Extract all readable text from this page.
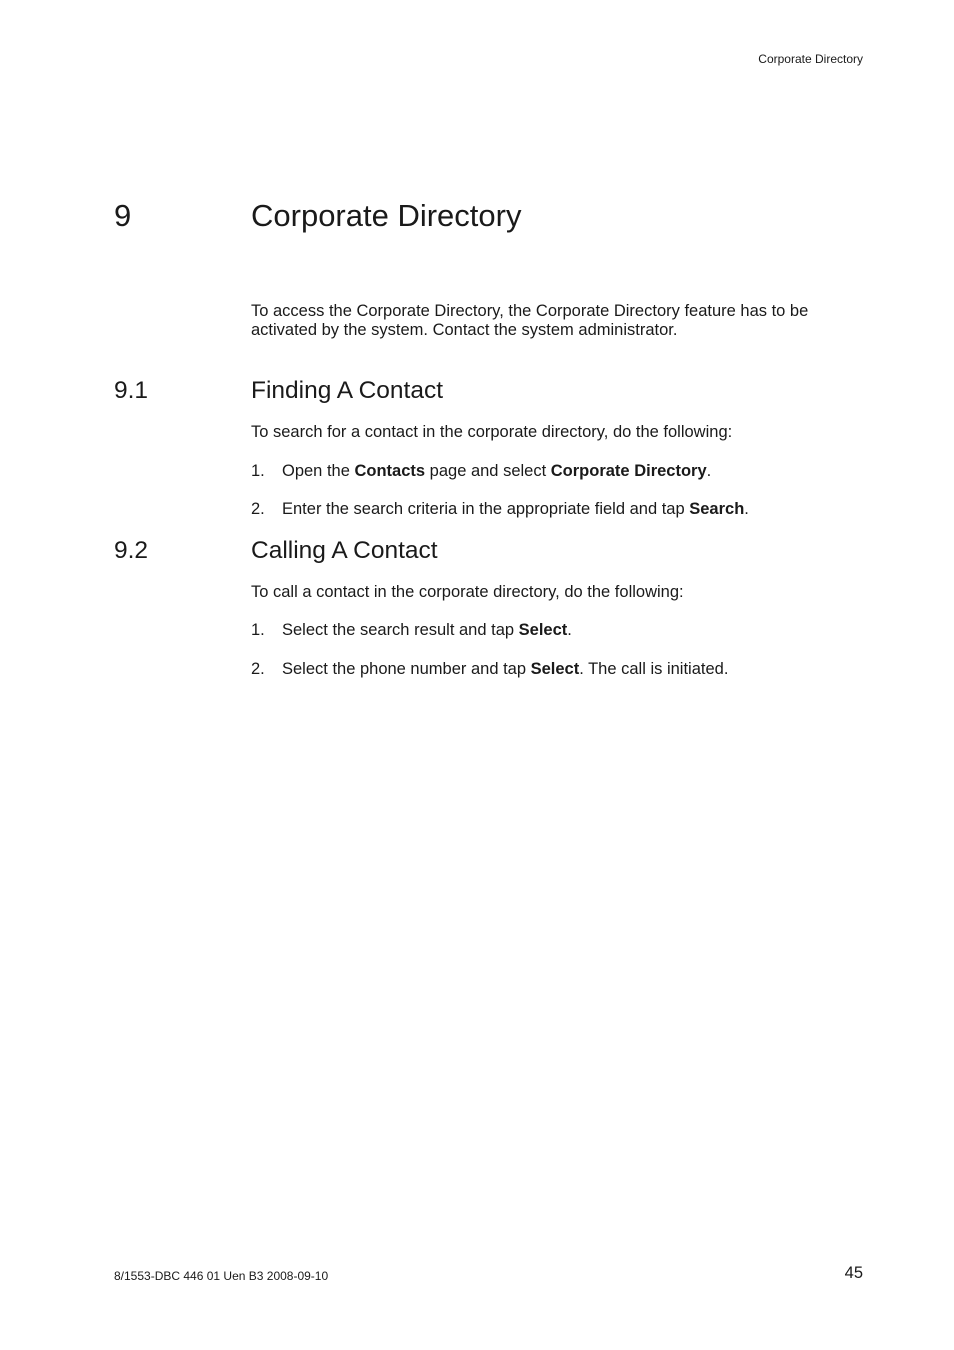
Corporate Directory
9	Corporate Directory

To access the Corporate Directory, the Corporate Directory feature has to be activated by the system. Contact the system administrator.

9.1	Finding A Contact

To search for a contact in the corporate directory, do the following:

1. Open the Contacts page and select Corporate Directory.
2. Enter the search criteria in the appropriate field and tap Search.
9.2	Calling A Contact

To call a contact in the corporate directory, do the following:

1. Select the search result and tap Select.
2. Select the phone number and tap Select. The call is initiated.
8/1553-DBC 446 01 Uen B3 2008-09-10	45
